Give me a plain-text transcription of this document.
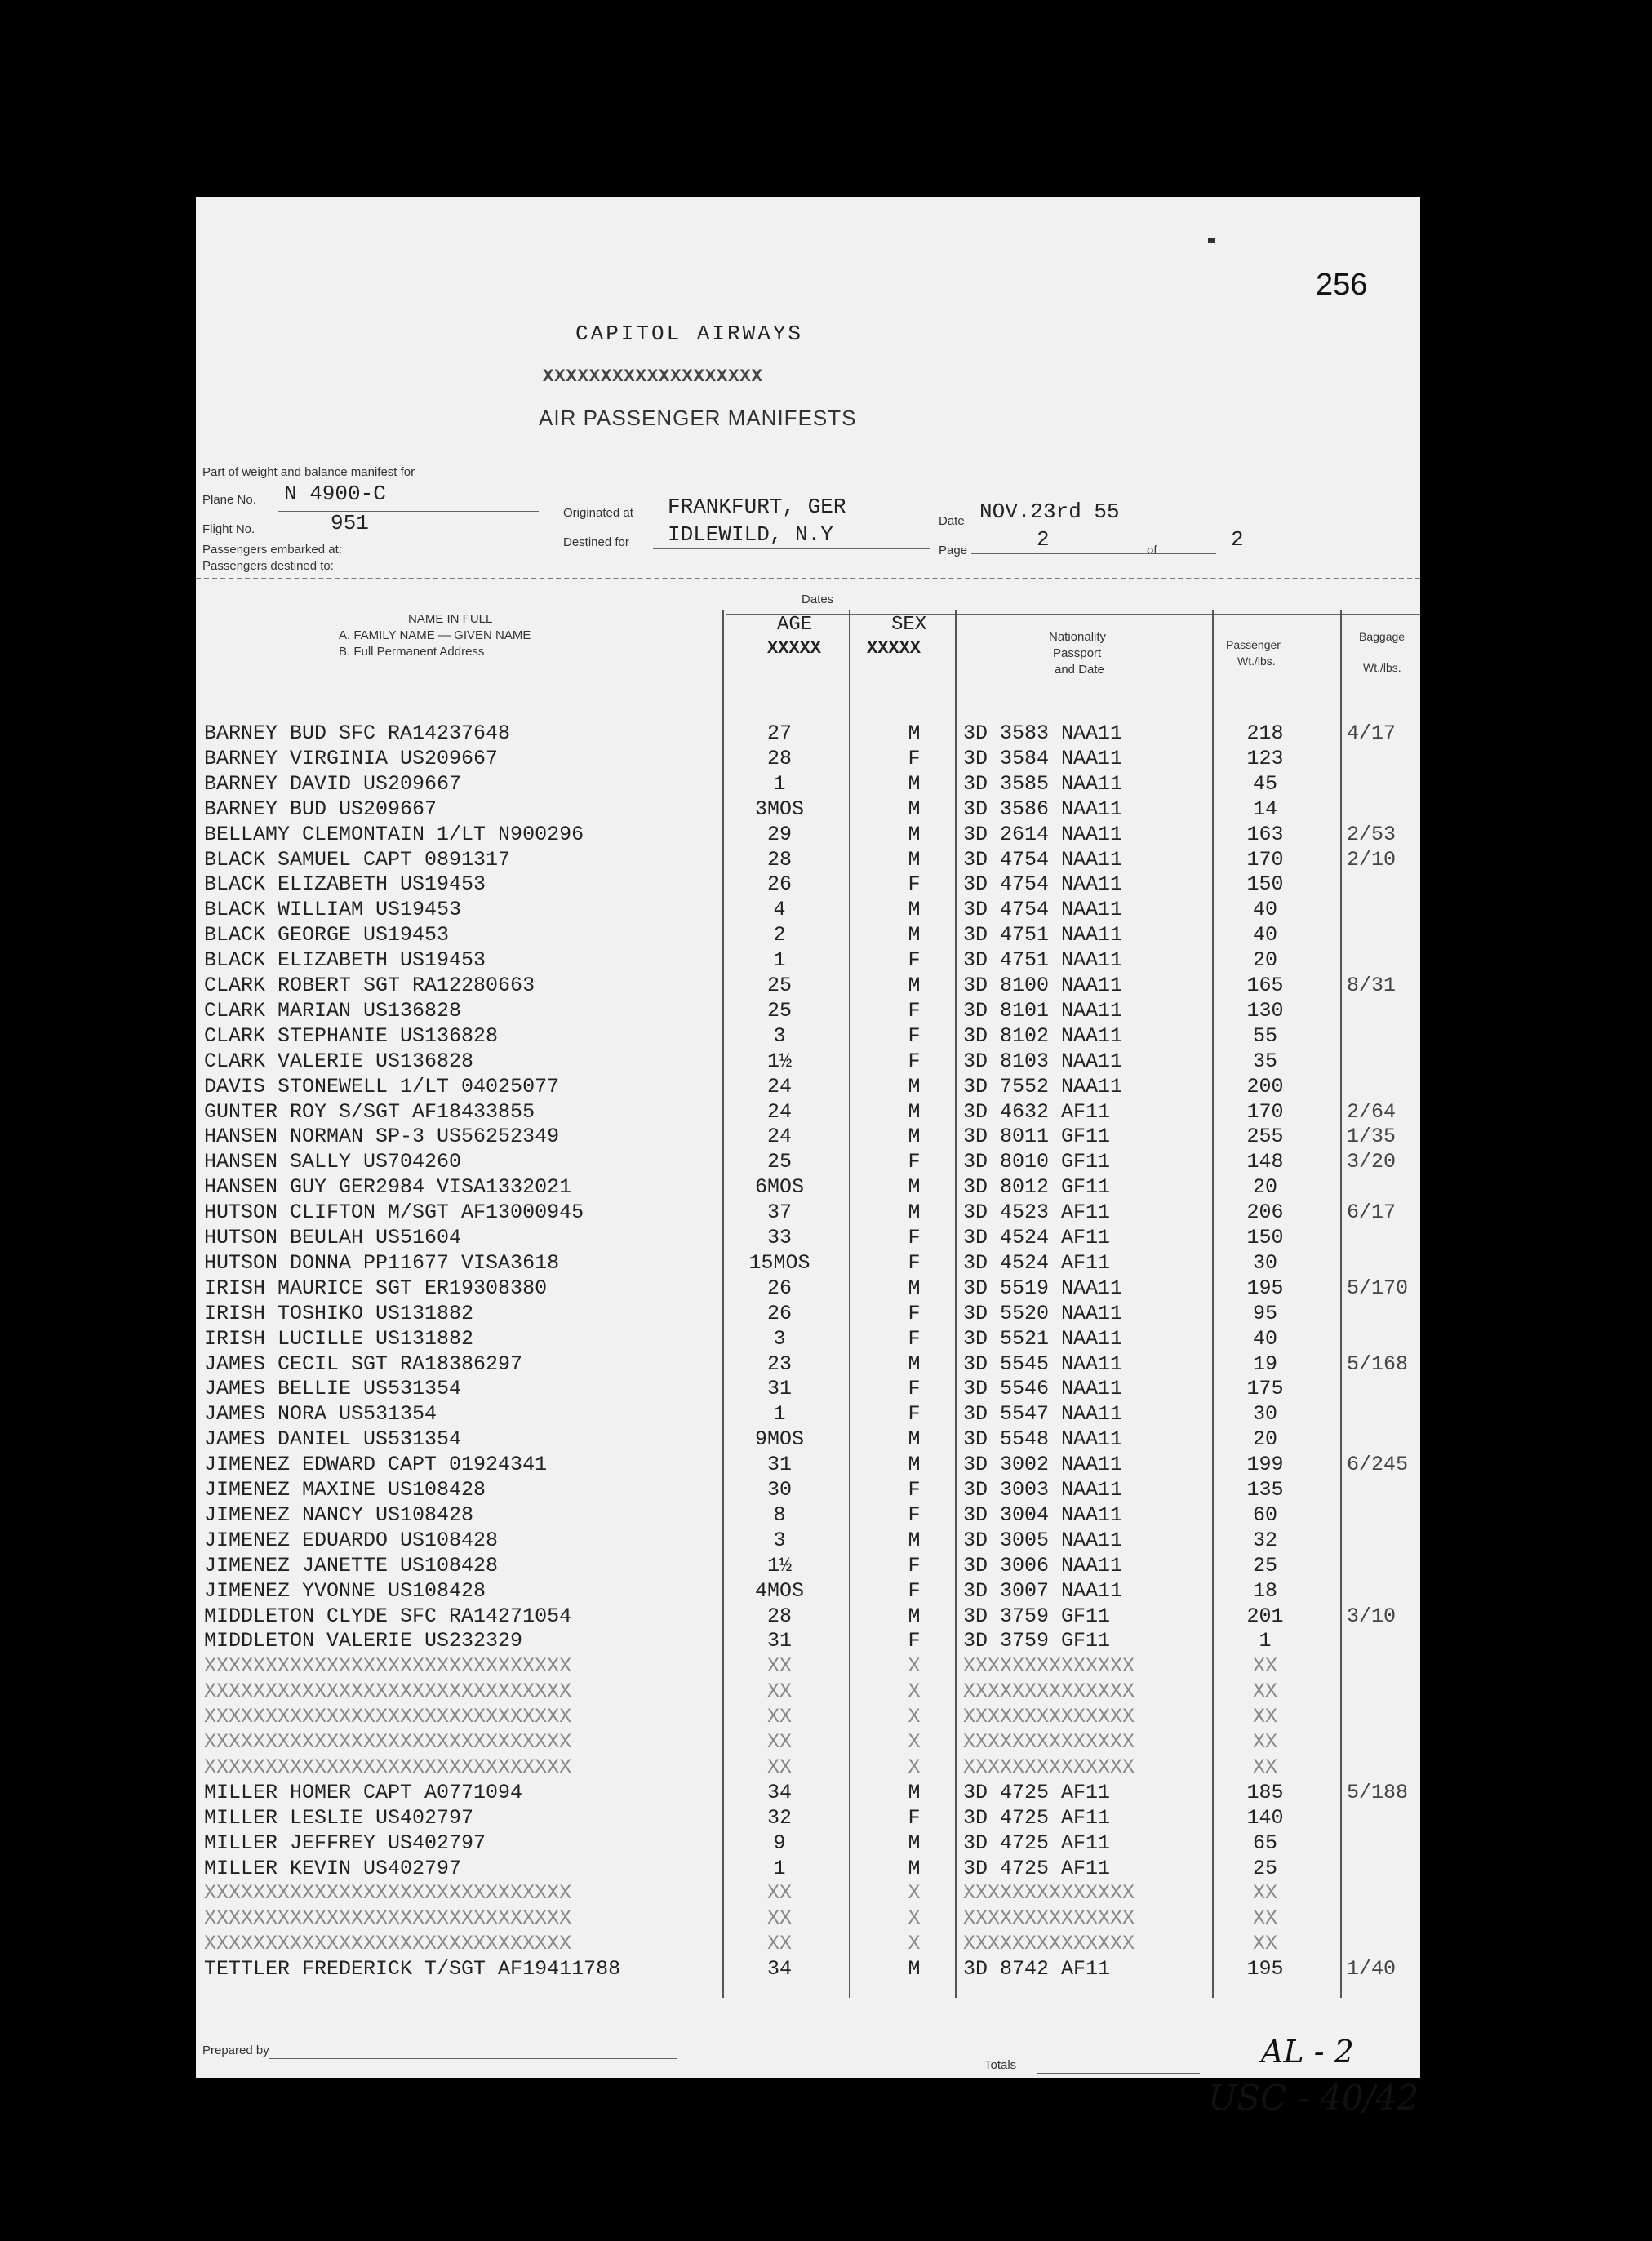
256
CAPITOL AIRWAYS
XXXXXXXXXXXXXXXXXXX
AIR PASSENGER MANIFESTS
Part of weight and balance manifest for
Plane No. N 4900-C
Flight No.	951
Passengers embarked at:
Passengers destined to:
Originated at FRANKFURT, GER
Destined for IDLEWILD, N.Y
Date NOV.23rd 55
Page	2	of	2
Dates
NAME IN FULL
A. FAMILY NAME — GIVEN NAME
B. Full Permanent Address
AGE
XXXXX
SEX
XXXXX
Nationality
Passport
and Date
Passenger
Wt./lbs.
Baggage
Wt./lbs.
BARNEY BUD SFC RA14237648	27	M	3D 3583 NAA11	218	4/17
BARNEY VIRGINIA US209667	28	F	3D 3584 NAA11	123
BARNEY DAVID US209667	1	M	3D 3585 NAA11	45
BARNEY BUD US209667	3MOS	M	3D 3586 NAA11	14
BELLAMY CLEMONTAIN 1/LT N900296	29	M	3D 2614 NAA11	163	2/53
BLACK SAMUEL CAPT 0891317	28	M	3D 4754 NAA11	170	2/10
BLACK ELIZABETH US19453	26	F	3D 4754 NAA11	150
BLACK WILLIAM US19453	4	M	3D 4754 NAA11	40
BLACK GEORGE US19453	2	M	3D 4751 NAA11	40
BLACK ELIZABETH US19453	1	F	3D 4751 NAA11	20
CLARK ROBERT SGT RA12280663	25	M	3D 8100 NAA11	165	8/31
CLARK MARIAN US136828	25	F	3D 8101 NAA11	130
CLARK STEPHANIE US136828	3	F	3D 8102 NAA11	55
CLARK VALERIE US136828	1½	F	3D 8103 NAA11	35
DAVIS STONEWELL 1/LT 04025077	24	M	3D 7552 NAA11	200
GUNTER ROY S/SGT AF18433855	24	M	3D 4632 AF11	170	2/64
HANSEN NORMAN SP-3 US56252349	24	M	3D 8011 GF11	255	1/35
HANSEN SALLY US704260	25	F	3D 8010 GF11	148	3/20
HANSEN GUY GER2984 VISA1332021	6MOS	M	3D 8012 GF11	20
HUTSON CLIFTON M/SGT AF13000945	37	M	3D 4523 AF11	206	6/17
HUTSON BEULAH US51604	33	F	3D 4524 AF11	150
HUTSON DONNA PP11677 VISA3618	15MOS	F	3D 4524 AF11	30
IRISH MAURICE SGT ER19308380	26	M	3D 5519 NAA11	195	5/170
IRISH TOSHIKO US131882	26	F	3D 5520 NAA11	95
IRISH LUCILLE US131882	3	F	3D 5521 NAA11	40
JAMES CECIL SGT RA18386297	23	M	3D 5545 NAA11	19	5/168
JAMES BELLIE US531354	31	F	3D 5546 NAA11	175
JAMES NORA US531354	1	F	3D 5547 NAA11	30
JAMES DANIEL US531354	9MOS	M	3D 5548 NAA11	20
JIMENEZ EDWARD CAPT 01924341	31	M	3D 3002 NAA11	199	6/245
JIMENEZ MAXINE US108428	30	F	3D 3003 NAA11	135
JIMENEZ NANCY US108428	8	F	3D 3004 NAA11	60
JIMENEZ EDUARDO US108428	3	M	3D 3005 NAA11	32
JIMENEZ JANETTE US108428	1½	F	3D 3006 NAA11	25
JIMENEZ YVONNE US108428	4MOS	F	3D 3007 NAA11	18
MIDDLETON CLYDE SFC RA14271054	28	M	3D 3759 GF11	201	3/10
MIDDLETON VALERIE US232329	31	F	3D 3759 GF11	1
XXXXXXXXXXXXXXXXXXXXXXXXXXXXXX	XX	X	XXXXXXXXXXXXXX	XX
XXXXXXXXXXXXXXXXXXXXXXXXXXXXXX	XX	X	XXXXXXXXXXXXXX	XX
XXXXXXXXXXXXXXXXXXXXXXXXXXXXXX	XX	X	XXXXXXXXXXXXXX	XX
XXXXXXXXXXXXXXXXXXXXXXXXXXXXXX	XX	X	XXXXXXXXXXXXXX	XX
XXXXXXXXXXXXXXXXXXXXXXXXXXXXXX	XX	X	XXXXXXXXXXXXXX	XX
MILLER HOMER CAPT A0771094	34	M	3D 4725 AF11	185	5/188
MILLER LESLIE US402797	32	F	3D 4725 AF11	140
MILLER JEFFREY US402797	9	M	3D 4725 AF11	65
MILLER KEVIN US402797	1	M	3D 4725 AF11	25
XXXXXXXXXXXXXXXXXXXXXXXXXXXXXX	XX	X	XXXXXXXXXXXXXX	XX
XXXXXXXXXXXXXXXXXXXXXXXXXXXXXX	XX	X	XXXXXXXXXXXXXX	XX
XXXXXXXXXXXXXXXXXXXXXXXXXXXXXX	XX	X	XXXXXXXXXXXXXX	XX
TETTLER FREDERICK T/SGT AF19411788	34	M	3D 8742 AF11	195	1/40
Prepared by
Totals	AL - 2
USC - 40/42
